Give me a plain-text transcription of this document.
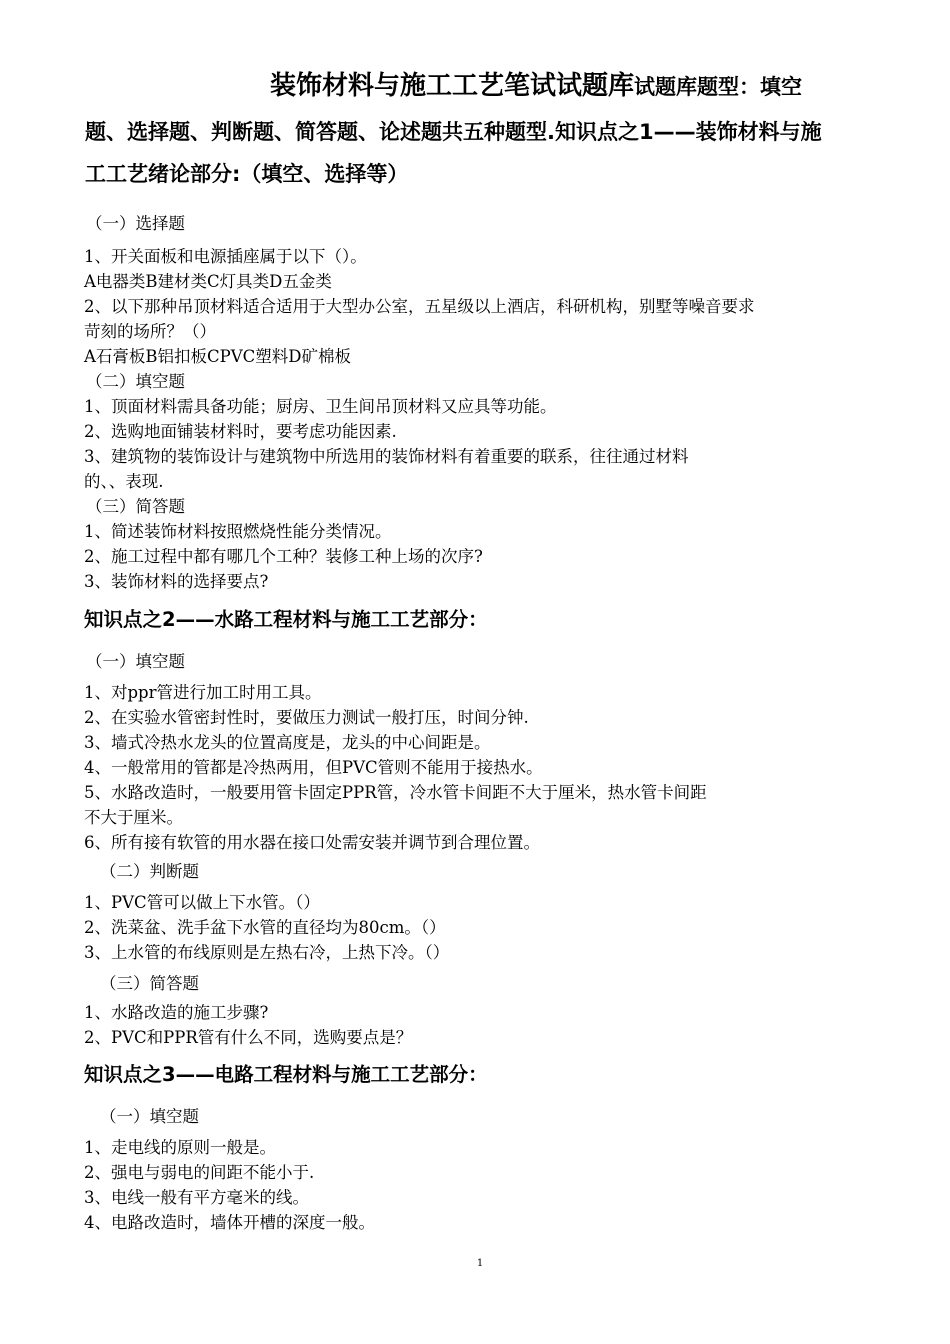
装饰材料与施工工艺笔试试题库试题库题型：填空
题、选择题、判断题、简答题、论述题共五种题型.知识点之1——装饰材料与施
工工艺绪论部分:（填空、选择等）
（一）选择题
1、开关面板和电源插座属于以下（）。
A电器类B建材类C灯具类D五金类
2、以下那种吊顶材料适合适用于大型办公室，五星级以上酒店，科研机构，别墅等噪音要求
苛刻的场所？（）
A石膏板B铝扣板CPVC塑料D矿棉板
（二）填空题
1、顶面材料需具备功能；厨房、卫生间吊顶材料又应具等功能。
2、选购地面铺装材料时，要考虑功能因素.
3、建筑物的装饰设计与建筑物中所选用的装饰材料有着重要的联系，往往通过材料
的、、表现.
（三）简答题
1、简述装饰材料按照燃烧性能分类情况。
2、施工过程中都有哪几个工种？装修工种上场的次序?
3、装饰材料的选择要点?
知识点之2——水路工程材料与施工工艺部分：
（一）填空题
1、对ppr管进行加工时用工具。
2、在实验水管密封性时，要做压力测试一般打压，时间分钟.
3、墙式冷热水龙头的位置高度是，龙头的中心间距是。
4、一般常用的管都是冷热两用，但PVC管则不能用于接热水。
5、水路改造时，一般要用管卡固定PPR管，冷水管卡间距不大于厘米，热水管卡间距
不大于厘米。
6、所有接有软管的用水器在接口处需安装并调节到合理位置。
（二）判断题
1、PVC管可以做上下水管。（）
2、洗菜盆、洗手盆下水管的直径均为80cm。（）
3、上水管的布线原则是左热右冷，上热下冷。（）
（三）简答题
1、水路改造的施工步骤?
2、PVC和PPR管有什么不同，选购要点是？
知识点之3——电路工程材料与施工工艺部分：
（一）填空题
1、走电线的原则一般是。
2、强电与弱电的间距不能小于.
3、电线一般有平方毫米的线。
4、电路改造时，墙体开槽的深度一般。
1
